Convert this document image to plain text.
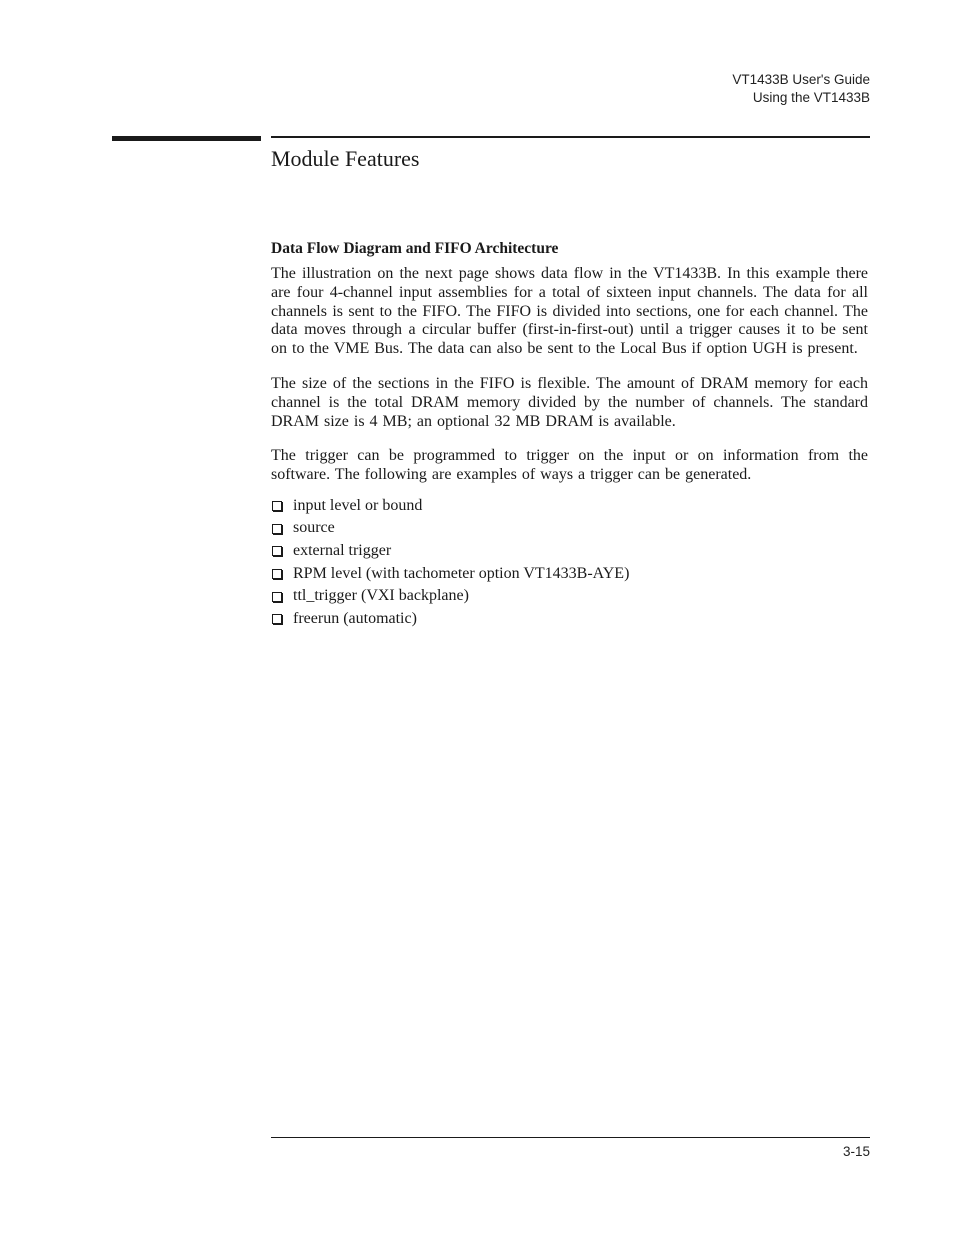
VT1433B User's Guide
Using the VT1433B
Module Features
Data Flow Diagram and FIFO Architecture

The illustration on the next page shows data flow in the VT1433B. In this example there are four 4-channel input assemblies for a total of sixteen input channels. The data for all channels is sent to the FIFO. The FIFO is divided into sections, one for each channel. The data moves through a circular buffer (first-in-first-out) until a trigger causes it to be sent on to the VME Bus. The data can also be sent to the Local Bus if option UGH is present.

The size of the sections in the FIFO is flexible. The amount of DRAM memory for each channel is the total DRAM memory divided by the number of channels. The standard DRAM size is 4 MB; an optional 32 MB DRAM is available.

The trigger can be programmed to trigger on the input or on information from the software. The following are examples of ways a trigger can be generated.

input level or bound
source
external trigger
RPM level (with tachometer option VT1433B-AYE)
ttl_trigger (VXI backplane)
freerun (automatic)
3-15
